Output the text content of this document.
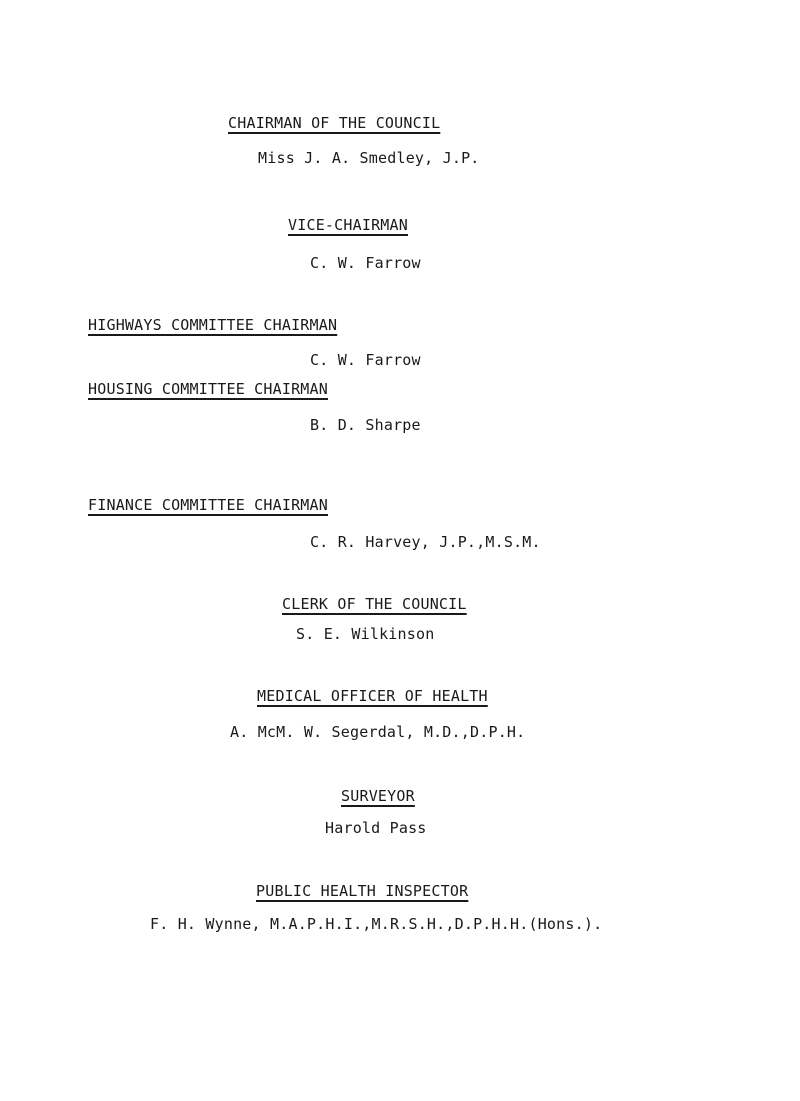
CHAIRMAN OF THE COUNCIL
Miss J. A. Smedley, J.P.
VICE-CHAIRMAN
C. W. Farrow
HIGHWAYS COMMITTEE CHAIRMAN
C. W. Farrow
HOUSING COMMITTEE CHAIRMAN
B. D. Sharpe
FINANCE COMMITTEE CHAIRMAN
C. R. Harvey, J.P.,M.S.M.
CLERK OF THE COUNCIL
S. E. Wilkinson
MEDICAL OFFICER OF HEALTH
A. McM. W. Segerdal, M.D.,D.P.H.
SURVEYOR
Harold Pass
PUBLIC HEALTH INSPECTOR
F. H. Wynne, M.A.P.H.I.,M.R.S.H.,D.P.H.H.(Hons.).
